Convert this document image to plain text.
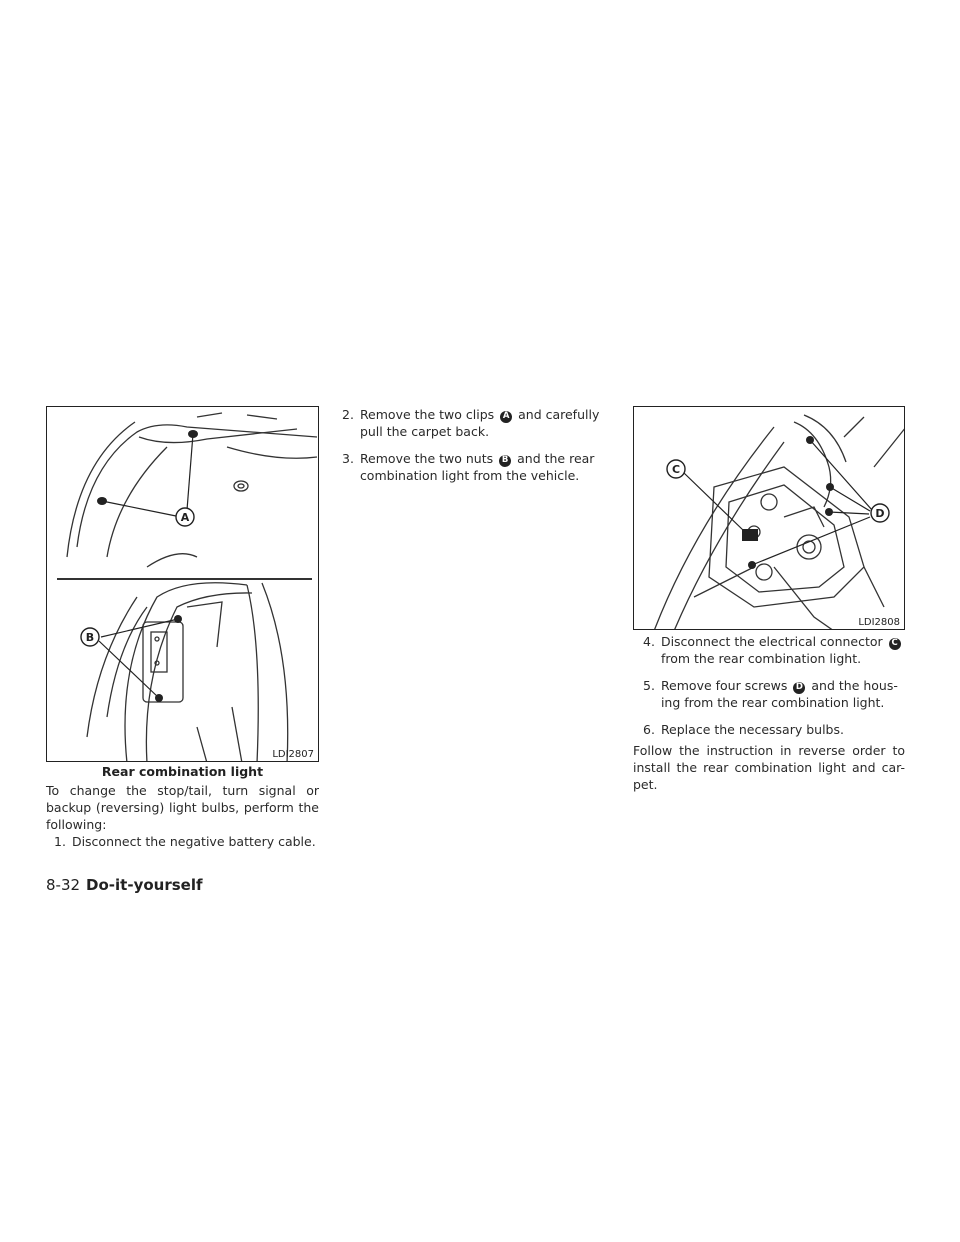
A
B
LDI2807
Rear combination light

To change the stop/tail, turn signal or backup (reversing) light bulbs, perform the following:

1. Disconnect the negative battery cable.
2. Remove the two clips A and carefully pull the carpet back.
3. Remove the two nuts B and the rear combination light from the vehicle.	C
D
LDI2808
4. Disconnect the electrical connector C from the rear combination light.
5. Remove four screws D and the hous-ing from the rear combination light.
6. Replace the necessary bulbs.

Follow the instruction in reverse order to install the rear combination light and car-pet.

8-32 Do-it-yourself
